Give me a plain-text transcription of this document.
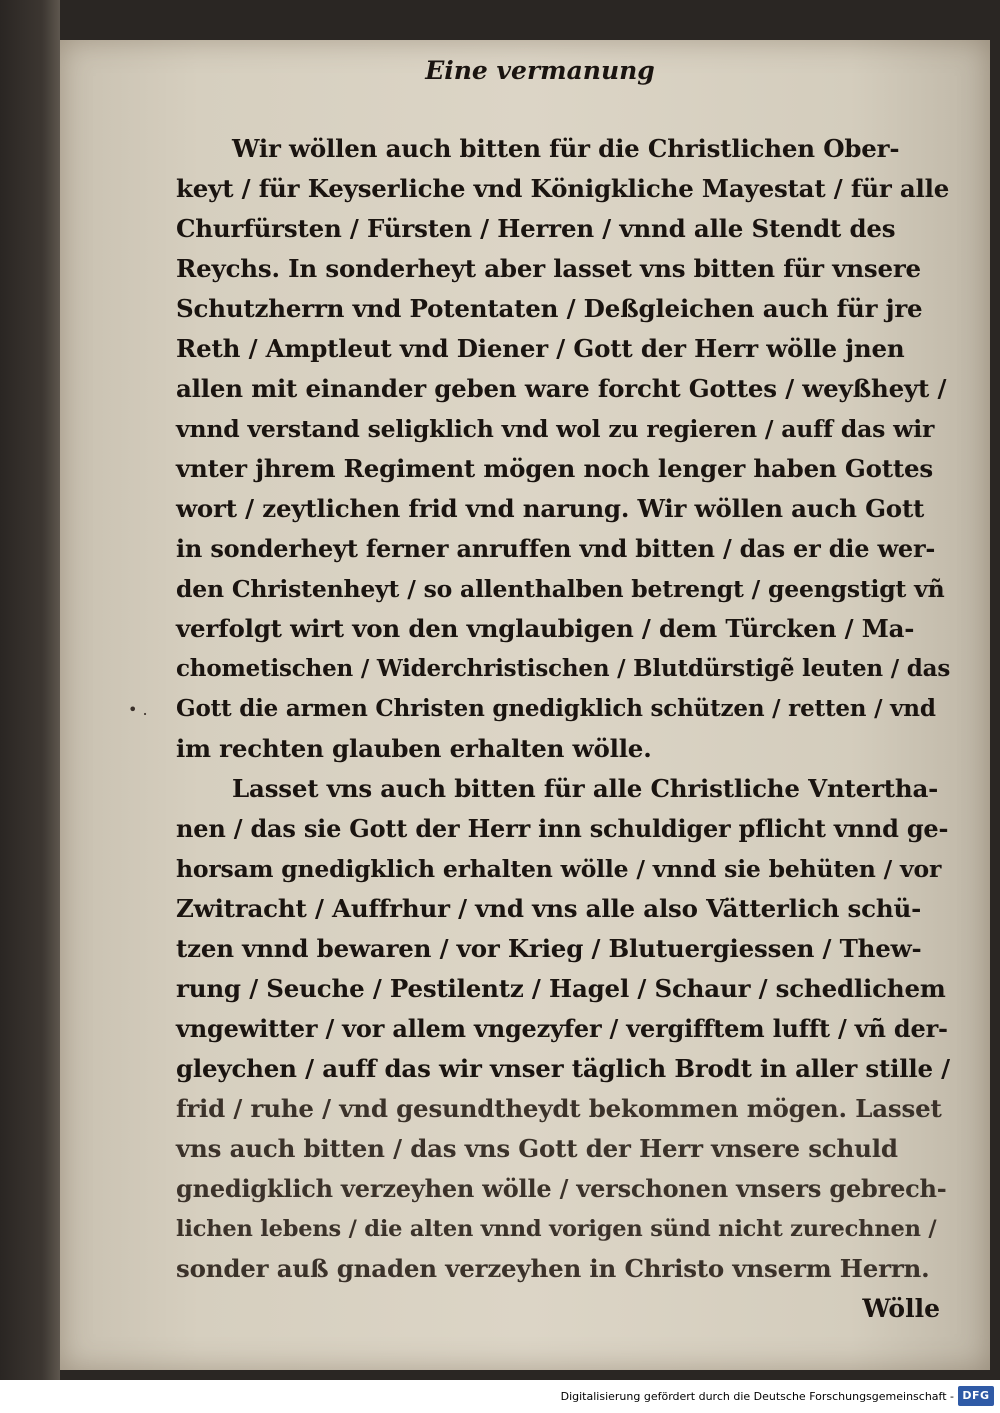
Eine vermanung
• .
Wir wöllen auch bitten für die Christlichen Ober-
keyt / für Keyserliche vnd Königkliche Mayestat / für alle
Churfürsten / Fürsten / Herren / vnnd alle Stendt des
Reychs. In sonderheyt aber lasset vns bitten für vnsere
Schutzherrn vnd Potentaten / Deßgleichen auch für jre
Reth / Amptleut vnd Diener / Gott der Herr wölle jnen
allen mit einander geben ware forcht Gottes / weyßheyt /
vnnd verstand seligklich vnd wol zu regieren / auff das wir
vnter jhrem Regiment mögen noch lenger haben Gottes
wort / zeytlichen frid vnd narung. Wir wöllen auch Gott
in sonderheyt ferner anruffen vnd bitten / das er die wer-
den Christenheyt / so allenthalben betrengt / geengstigt vñ
verfolgt wirt von den vnglaubigen / dem Türcken / Ma-
chometischen / Widerchristischen / Blutdürstigẽ leuten / das
Gott die armen Christen gnedigklich schützen / retten / vnd
im rechten glauben erhalten wölle.
Lasset vns auch bitten für alle Christliche Vntertha-
nen / das sie Gott der Herr inn schuldiger pflicht vnnd ge-
horsam gnedigklich erhalten wölle / vnnd sie behüten / vor
Zwitracht / Auffrhur / vnd vns alle also Vätterlich schü-
tzen vnnd bewaren / vor Krieg / Blutuergiessen / Thew-
rung / Seuche / Pestilentz / Hagel / Schaur / schedlichem
vngewitter / vor allem vngezyfer / vergifftem lufft / vñ der-
gleychen / auff das wir vnser täglich Brodt in aller stille /
frid / ruhe / vnd gesundtheydt bekommen mögen. Lasset
vns auch bitten / das vns Gott der Herr vnsere schuld
gnedigklich verzeyhen wölle / verschonen vnsers gebrech-
lichen lebens / die alten vnnd vorigen sünd nicht zurechnen /
sonder auß gnaden verzeyhen in Christo vnserm Herrn.
Wölle
Digitalisierung gefördert durch die Deutsche Forschungsgemeinschaft - DFG
